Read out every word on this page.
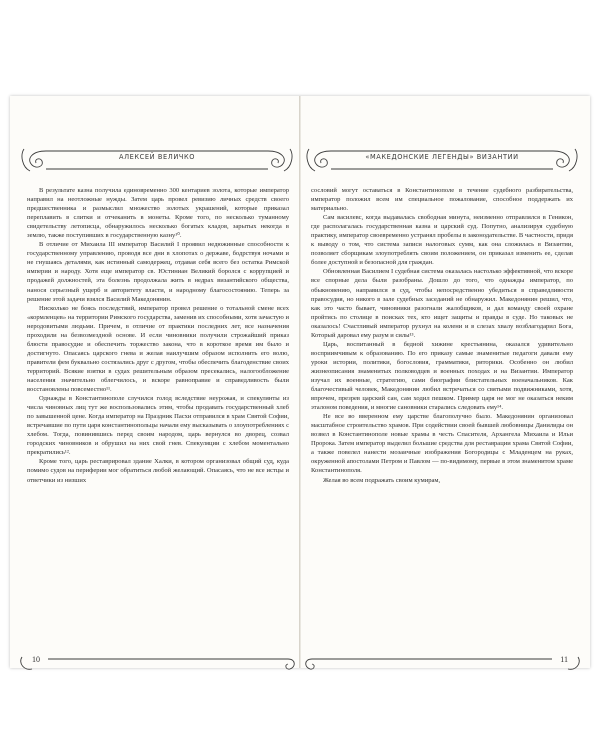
АЛЕКСЕЙ ВЕЛИЧКО	«МАКЕДОНСКИЕ ЛЕГЕНДЫ» ВИЗАНТИИ

В результате казна получила единовременно 300 кентариев золота, которые император направил на неотложные нужды. Затем царь провел ревизию личных средств своего предшественника и размыслил множество золотых украшений, которые приказал переплавить в слитки и отчеканить в монеты. Кроме того, по несколько туманному свидетельству летописца, обнаружилось несколько богатых кладов, зарытых некогда в землю, также поступивших в государственную казну¹⁰.

В отличие от Михаила III император Василий I проявил недюжинные способности к государственному управлению, проводя все дни в хлопотах о державе, бодрствуя ночами и не гнушаясь деталями, как истинный самодержец, отдавая себя всего без остатка Римской империи и народу. Хотя еще император св. Юстиниан Великий боролся с коррупцией и продажей должностей, эта болезнь продолжала жить в недрах византийского общества, нанося серьезный ущерб и авторитету власти, и народному благосостоянию. Теперь за решение этой задачи взялся Василий Македонянин.

Нисколько не боясь последствий, император провел решение о тотальной смене всех «кормленцев» на территории Римского государства, заменив их способными, хотя зачастую и неродовитыми людьми. Причем, в отличие от практики последних лет, все назначения проходили на безвозмездной основе. И если чиновники получили строжайший приказ блюсти правосудие и обеспечить торжество закона, что в короткое время им было и достигнуто. Опасаясь царского гнева и желая наилучшим образом исполнить его волю, правители фем буквально состязались друг с другом, чтобы обеспечить благоденствие своих территорий. Всякие взятки в судах решительным образом пресекались, налогообложение населения значительно облегчилось, и вскоре равноправие и справедливость были восстановлены повсеместно¹¹.

Однажды в Константинополе случился голод вследствие неурожая, и спекулянты из числа чиновных лиц тут же воспользовались этим, чтобы продавать государственный хлеб по завышенной цене. Когда император на Праздник Пасхи отправился в храм Святой Софии, встречавшие по пути царя константинопольцы начали ему высказывать о злоупотреблениях с хлебом. Тогда, повинившись перед своим народом, царь вернулся во дворец, созвал городских чиновников и обрушил на них свой гнев. Спекуляции с хлебом моментально прекратились¹².

Кроме того, царь реставрировал здание Халки, в котором организовал общий суд, куда помимо судов на периферии мог обратиться любой желающий. Опасаясь, что не все истцы и ответчики из низших

сословий могут оставаться в Константинополе в течение судебного разбирательства, император положил всем им специальное пожалование, способное поддержать их материально.

Сам василевс, когда выдавалась свободная минута, неизменно отправлялся в Геникон, где располагалась государственная казна и царский суд. Попутно, анализируя судебную практику, император своевременно устранял пробелы в законодательстве. В частности, придя к выводу о том, что система записи налоговых сумм, как она сложилась в Византии, позволяет сборщикам злоупотреблять своим положением, он приказал изменить ее, сделав более доступной и безопасной для граждан.

Обновленная Василием I судебная система оказалась настолько эффективной, что вскоре все спорные дела были разобраны. Дошло до того, что однажды император, по обыкновению, направился в суд, чтобы непосредственно убедиться в справедливости правосудия, но никого в зале судебных заседаний не обнаружил. Македонянин решил, что, как это часто бывает, чиновники разогнали жалобщиков, и дал команду своей охране пройтись по столице в поисках тех, кто ищет защиты и правды в суде. Но таковых не оказалось! Счастливый император рухнул на колени и в слезах хвалу возблагодарил Бога, Который даровал ему разум и силы¹³.

Царь, воспитанный в бедной хижине крестьянина, оказался удивительно восприимчивым к образованию. По его приказу самые знаменитые педагоги давали ему уроки истории, политики, богословия, грамматики, риторики. Особенно он любил жизнеописания знаменитых полководцев и военных походах и на Византии. Император изучал их военные, стратегию, сами биографии блистательных военачальников. Как благочестивый человек, Македонянин любил встречаться со святыми подвижниками, хотя, впрочем, презрев царский сан, сам ходил пешком. Пример царя не мог не оказаться неким эталоном поведения, и многие сановники старались следовать ему¹⁴.

Не все во вверенном ему царстве благополучно было. Македонянин организовал масштабное строительство храмов. При содействии своей бывшей любовницы Данилиды он возвел в Константинополе новые храмы в честь Спасителя, Архангела Михаила и Ильи Пророка. Затем император выделил большие средства для реставрации храма Святой Софии, а также повелел нанести мозаичные изображения Богородицы с Младенцем на руках, окруженной апостолами Петром и Павлом — по-видимому, первые в этом знаменитом храме Константинополя.

Желая во всем подражать своим кумирам,

10	11
